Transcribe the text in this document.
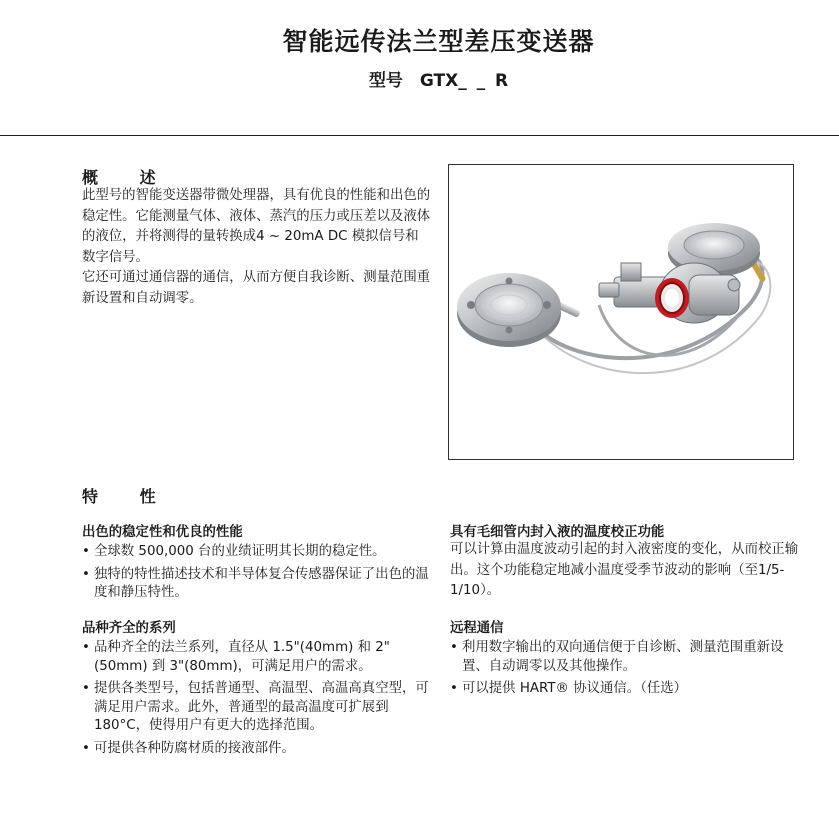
智能远传法兰型差压变送器
型号　GTX_ _ R
概 述

此型号的智能变送器带微处理器，具有优良的性能和出色的稳定性。它能测量气体、液体、蒸汽的压力或压差以及液体的液位，并将测得的量转换成4 ~ 20mA DC 模拟信号和数字信号。

它还可通过通信器的通信，从而方便自我诊断、测量范围重新设置和自动调零。

特 性
出色的稳定性和优良的性能
• 全球数 500,000 台的业绩证明其长期的稳定性。
• 独特的特性描述技术和半导体复合传感器保证了出色的温度和静压特性。
品种齐全的系列
• 品种齐全的法兰系列，直径从 1.5"(40mm) 和 2"(50mm) 到 3"(80mm)，可满足用户的需求。
• 提供各类型号，包括普通型、高温型、高温高真空型，可满足用户需求。此外，普通型的最高温度可扩展到 180°C，使得用户有更大的选择范围。
• 可提供各种防腐材质的接液部件。
具有毛细管内封入液的温度校正功能
可以计算由温度波动引起的封入液密度的变化，从而校正输出。这个功能稳定地减小温度受季节波动的影响（至1/5-1/10）。
远程通信
• 利用数字输出的双向通信便于自诊断、测量范围重新设置、自动调零以及其他操作。
• 可以提供 HART® 协议通信。（任选）
